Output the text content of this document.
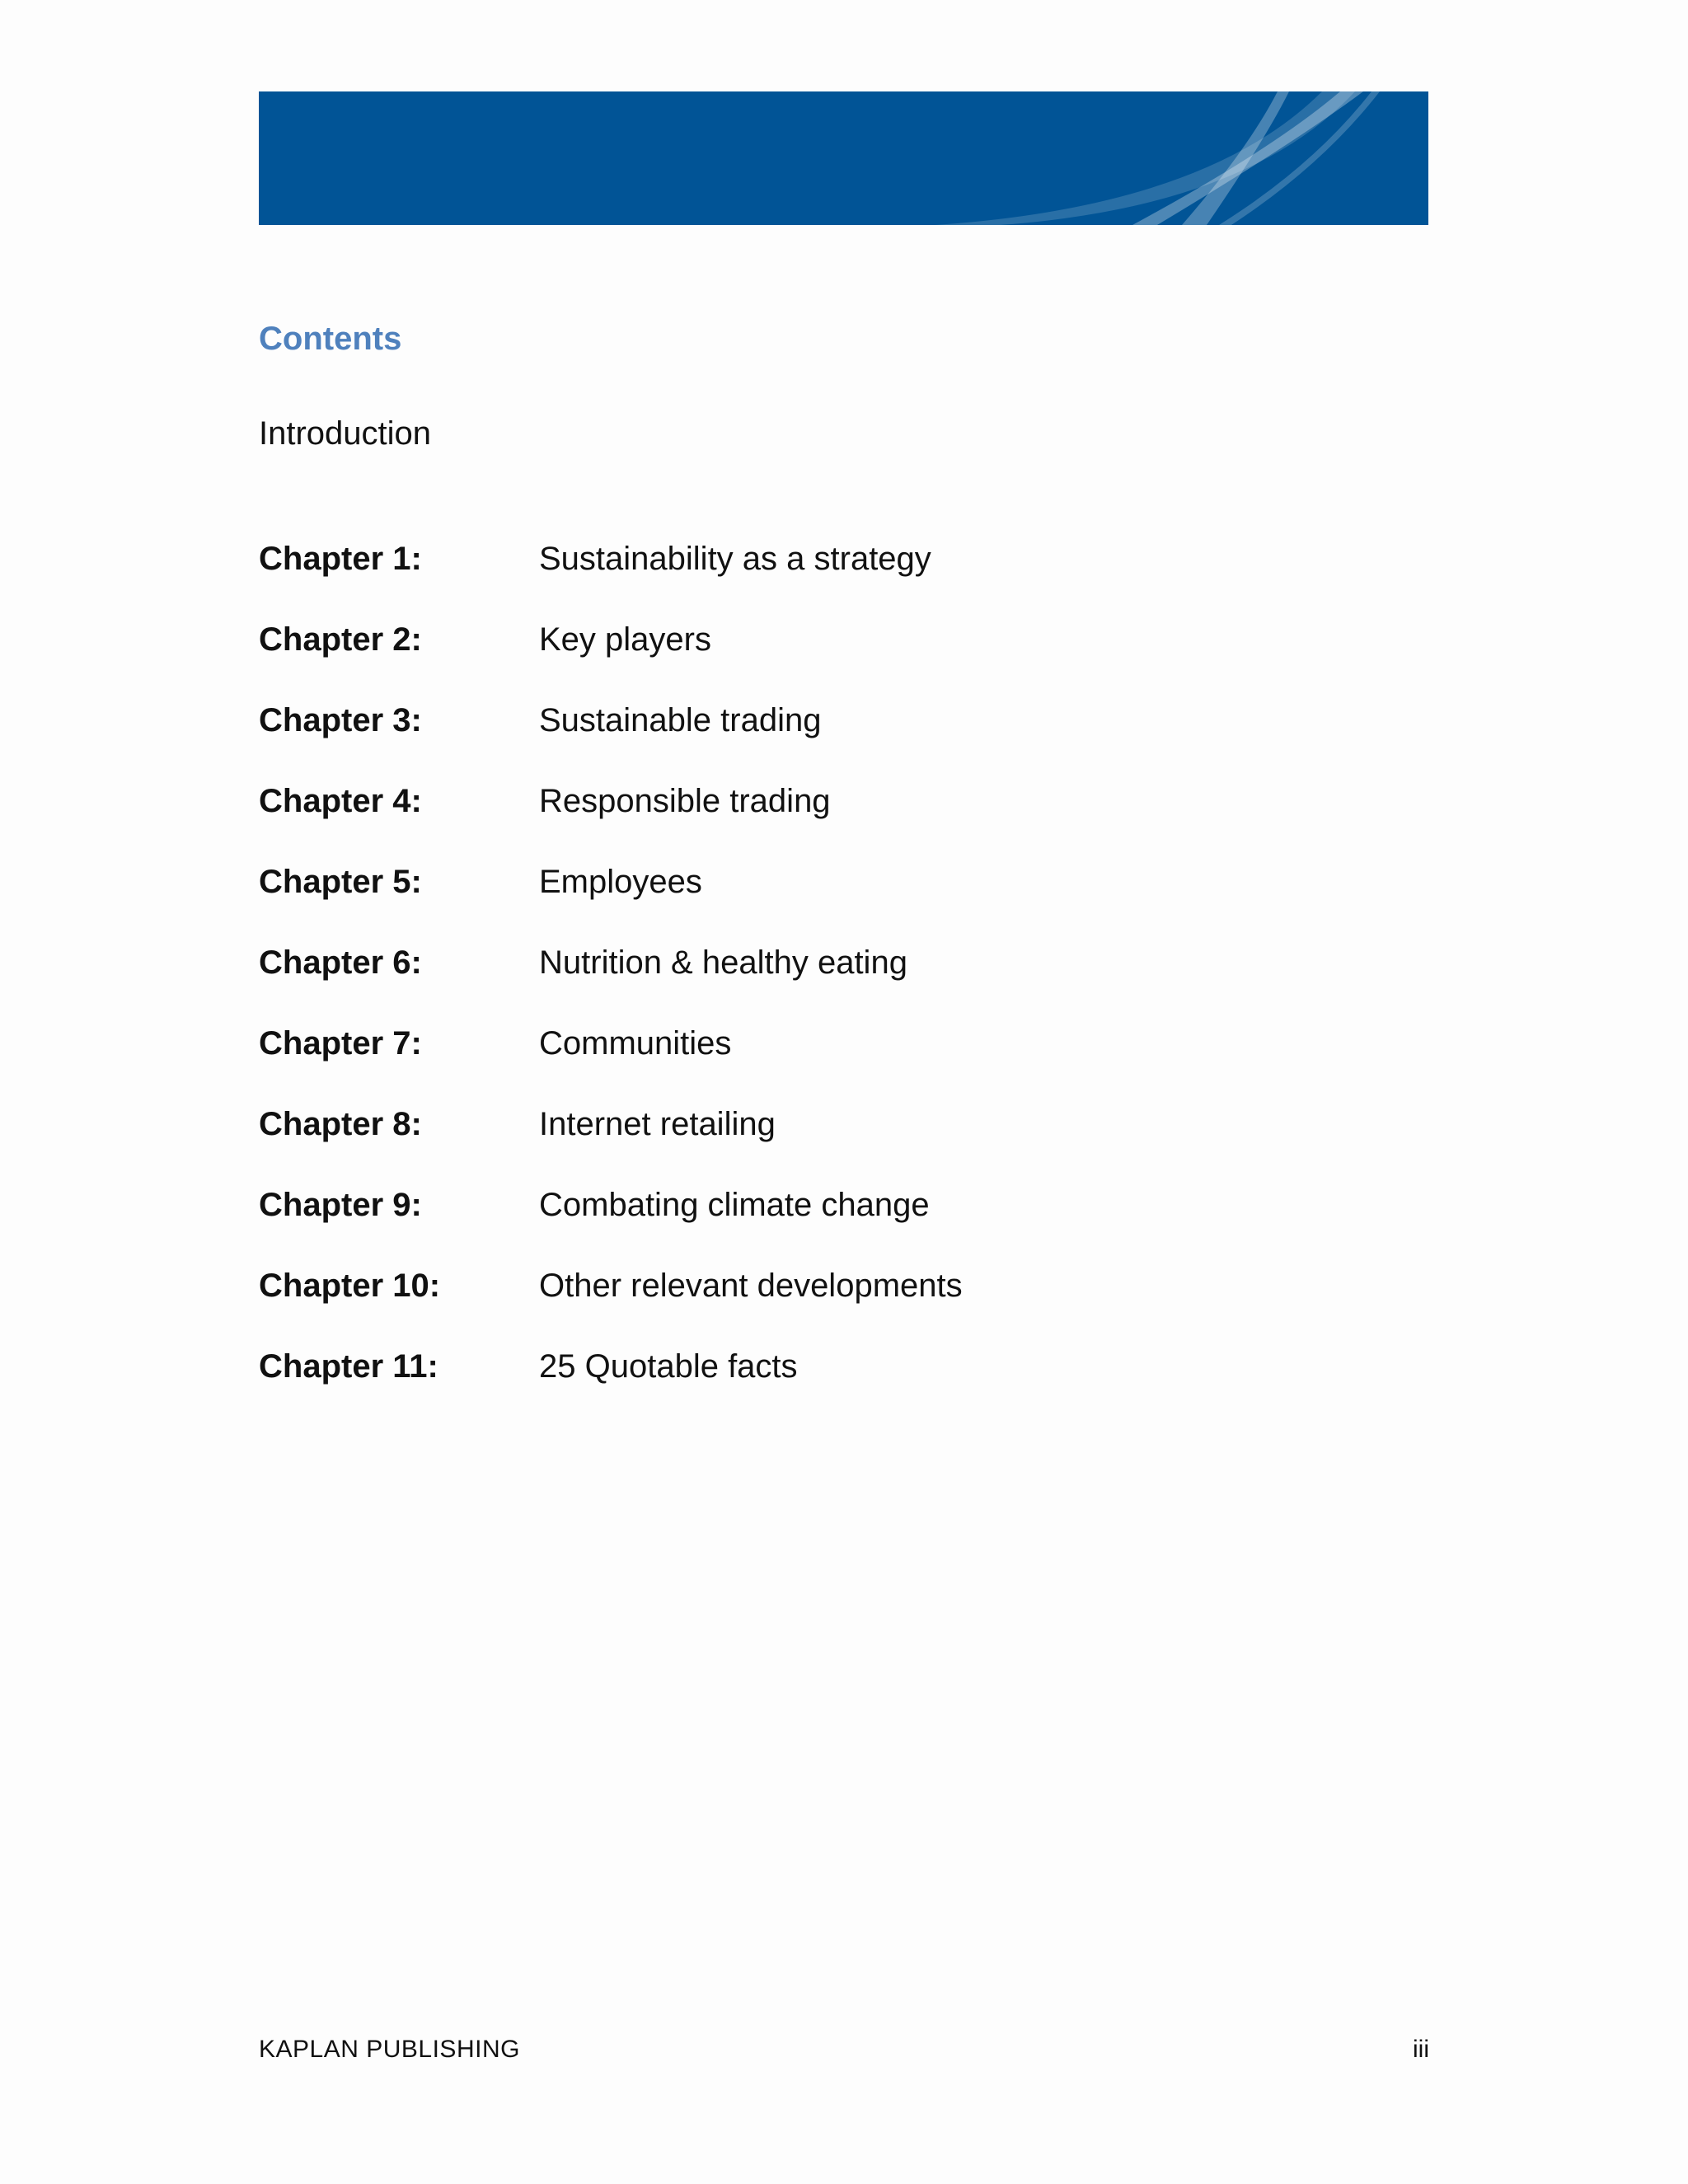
Contents

Introduction

Chapter 1:	Sustainability as a strategy
Chapter 2:	Key players
Chapter 3:	Sustainable trading
Chapter 4:	Responsible trading
Chapter 5:	Employees
Chapter 6:	Nutrition & healthy eating
Chapter 7:	Communities
Chapter 8:	Internet retailing
Chapter 9:	Combating climate change
Chapter 10:	Other relevant developments
Chapter 11:	25 Quotable facts
KAPLAN PUBLISHING	iii
